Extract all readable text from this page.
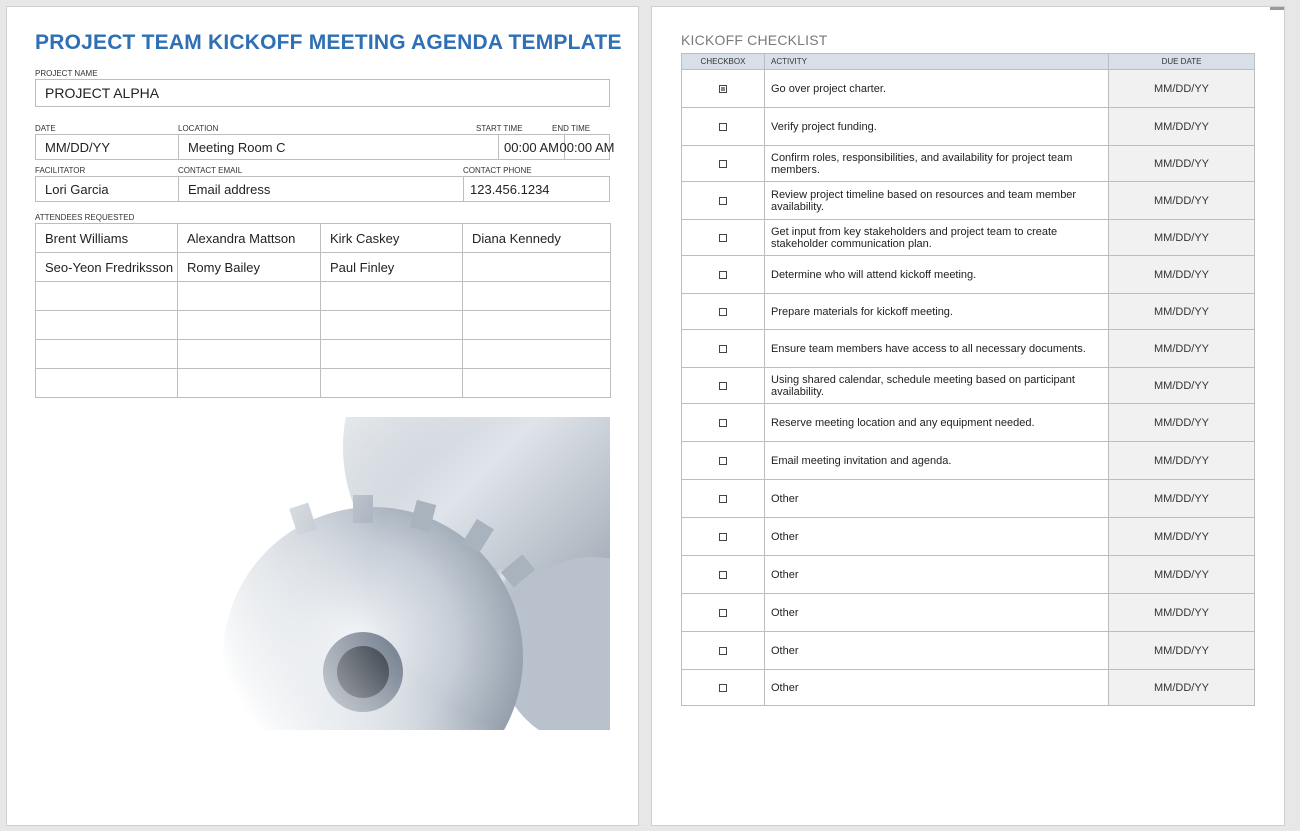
PROJECT TEAM KICKOFF MEETING AGENDA TEMPLATE
PROJECT NAME
PROJECT ALPHA
DATE	LOCATION	START TIME	END TIME
MM/DD/YY	Meeting Room C	00:00 AM 00:00 AM
FACILITATOR	CONTACT EMAIL	CONTACT PHONE
Lori Garcia	Email address	123.456.1234
ATTENDEES REQUESTED
Brent Williams	Alexandra Mattson	Kirk Caskey	Diana Kennedy
Seo-Yeon Fredriksson	Romy Bailey	Paul Finley	

KICKOFF CHECKLIST
CHECKBOX	ACTIVITY	DUE DATE
	Go over project charter.	MM/DD/YY
	Verify project funding.	MM/DD/YY
	Confirm roles, responsibilities, and availability for project team members.	MM/DD/YY
	Review project timeline based on resources and team member availability.	MM/DD/YY
	Get input from key stakeholders and project team to create stakeholder communication plan.	MM/DD/YY
	Determine who will attend kickoff meeting.	MM/DD/YY
	Prepare materials for kickoff meeting.	MM/DD/YY
	Ensure team members have access to all necessary documents.	MM/DD/YY
	Using shared calendar, schedule meeting based on participant availability.	MM/DD/YY
	Reserve meeting location and any equipment needed.	MM/DD/YY
	Email meeting invitation and agenda.	MM/DD/YY
	Other	MM/DD/YY
	Other	MM/DD/YY
	Other	MM/DD/YY
	Other	MM/DD/YY
	Other	MM/DD/YY
	Other	MM/DD/YY
